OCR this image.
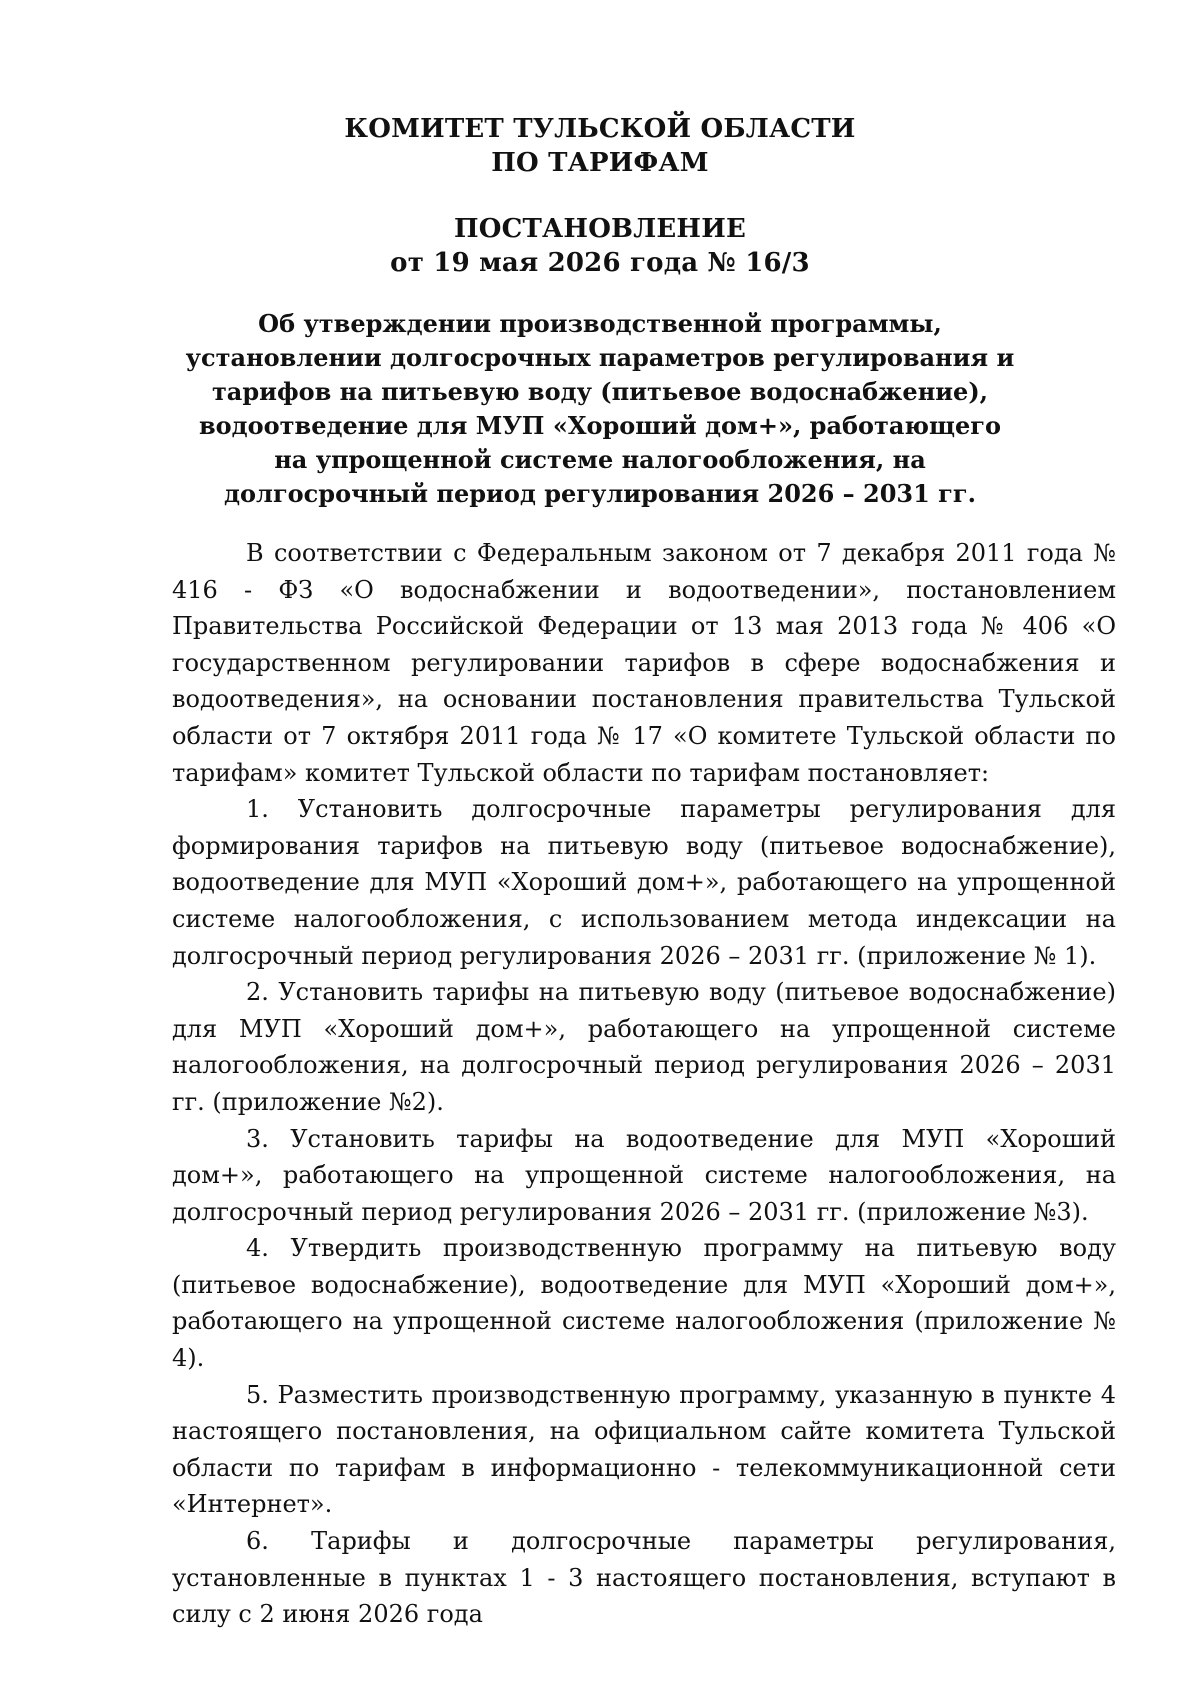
КОМИТЕТ ТУЛЬСКОЙ ОБЛАСТИ
ПО ТАРИФАМ
ПОСТАНОВЛЕНИЕ
от 19 мая 2026 года № 16/3
Об утверждении производственной программы, установлении долгосрочных параметров регулирования и тарифов на питьевую воду (питьевое водоснабжение), водоотведение для МУП «Хороший дом+», работающего на упрощенной системе налогообложения, на долгосрочный период регулирования 2026 – 2031 гг.

В соответствии с Федеральным законом от 7 декабря 2011 года № 416 - ФЗ «О водоснабжении и водоотведении», постановлением Правительства Российской Федерации от 13 мая 2013 года № 406 «О государственном регулировании тарифов в сфере водоснабжения и водоотведения», на основании постановления правительства Тульской области от 7 октября 2011 года № 17 «О комитете Тульской области по тарифам» комитет Тульской области по тарифам постановляет:

1. Установить долгосрочные параметры регулирования для формирования тарифов на питьевую воду (питьевое водоснабжение), водоотведение для МУП «Хороший дом+», работающего на упрощенной системе налогообложения, с использованием метода индексации на долгосрочный период регулирования 2026 – 2031 гг. (приложение № 1).

2. Установить тарифы на питьевую воду (питьевое водоснабжение) для МУП «Хороший дом+», работающего на упрощенной системе налогообложения, на долгосрочный период регулирования 2026 – 2031 гг. (приложение №2).

3. Установить тарифы на водоотведение для МУП «Хороший дом+», работающего на упрощенной системе налогообложения, на долгосрочный период регулирования 2026 – 2031 гг. (приложение №3).

4. Утвердить производственную программу на питьевую воду (питьевое водоснабжение), водоотведение для МУП «Хороший дом+», работающего на упрощенной системе налогообложения (приложение № 4).

5. Разместить производственную программу, указанную в пункте 4 настоящего постановления, на официальном сайте комитета Тульской области по тарифам в информационно - телекоммуникационной сети «Интернет».

6. Тарифы и долгосрочные параметры регулирования, установленные в пунктах 1 - 3 настоящего постановления, вступают в силу с 2 июня 2026 года
